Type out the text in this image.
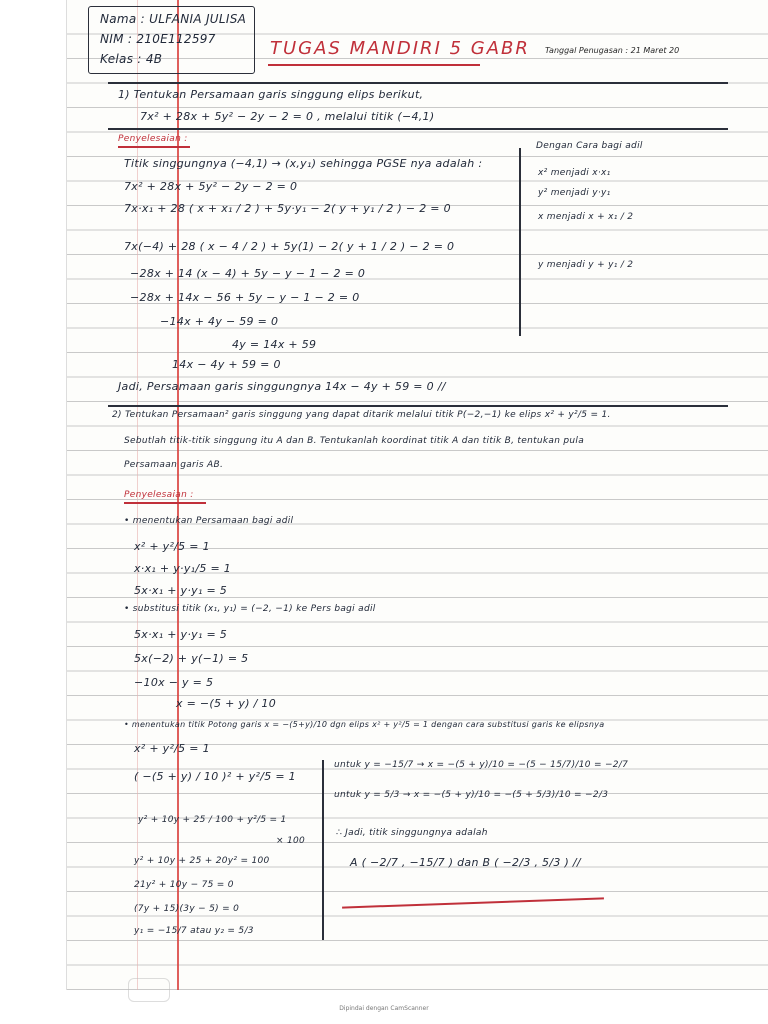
Nama : ULFANIA JULISA
NIM : 210E112597
Kelas : 4B	TUGAS MANDIRI 5 GABR Tanggal Penugasan : 21 Maret 20
1) Tentukan Persamaan garis singgung elips berikut,
7x² + 28x + 5y² − 2y − 2 = 0 , melalui titik (−4,1)
Penyelesaian :
Titik singgungnya (−4,1) → (x,y₁) sehingga PGSE nya adalah :
7x² + 28x + 5y² − 2y − 2 = 0
7x·x₁ + 28 ( x + x₁ / 2 ) + 5y·y₁ − 2( y + y₁ / 2 ) − 2 = 0
7x(−4) + 28 ( x − 4 / 2 ) + 5y(1) − 2( y + 1 / 2 ) − 2 = 0
−28x + 14 (x − 4) + 5y − y − 1 − 2 = 0
−28x + 14x − 56 + 5y − y − 1 − 2 = 0
−14x + 4y − 59 = 0
4y = 14x + 59
14x − 4y + 59 = 0
Jadi, Persamaan garis singgungnya 14x − 4y + 59 = 0 //
Dengan Cara bagi adil
x² menjadi x·x₁
y² menjadi y·y₁
x menjadi x + x₁ / 2
y menjadi y + y₁ / 2
2) Tentukan Persamaan² garis singgung yang dapat ditarik melalui titik P(−2,−1) ke elips x² + y²/5 = 1.
Sebutlah titik-titik singgung itu A dan B. Tentukanlah koordinat titik A dan titik B, tentukan pula
Persamaan garis AB.
Penyelesaian :
• menentukan Persamaan bagi adil
x² + y²/5 = 1
x·x₁ + y·y₁/5 = 1
5x·x₁ + y·y₁ = 5
• substitusi titik (x₁, y₁) = (−2, −1) ke Pers bagi adil
5x·x₁ + y·y₁ = 5
5x(−2) + y(−1) = 5
−10x − y = 5
x = −(5 + y) / 10
• menentukan titik Potong garis x = −(5+y)/10 dgn elips x² + y²/5 = 1 dengan cara substitusi garis ke elipsnya
x² + y²/5 = 1
( −(5 + y) / 10 )² + y²/5 = 1
y² + 10y + 25 / 100 + y²/5 = 1
× 100
y² + 10y + 25 + 20y² = 100
21y² + 10y − 75 = 0
(7y + 15)(3y − 5) = 0
y₁ = −15/7 atau y₂ = 5/3
untuk y = −15/7 → x = −(5 + y)/10 = −(5 − 15/7)/10 = −2/7
untuk y = 5/3 → x = −(5 + y)/10 = −(5 + 5/3)/10 = −2/3
∴ Jadi, titik singgungnya adalah
A ( −2/7 , −15/7 ) dan B ( −2/3 , 5/3 ) //
Dipindai dengan CamScanner
